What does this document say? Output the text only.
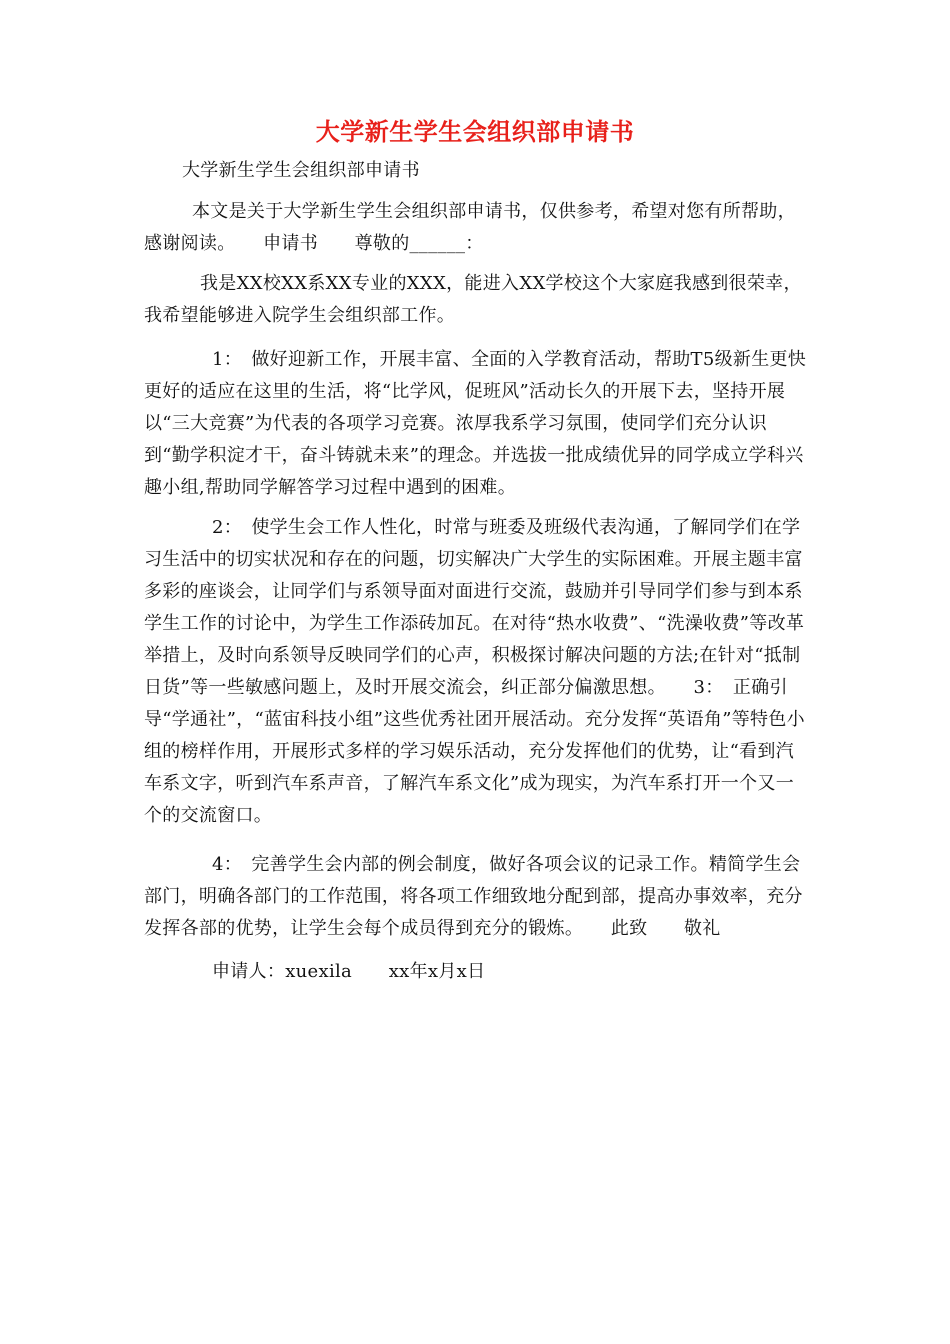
大学新生学生会组织部申请书

大学新生学生会组织部申请书

本文是关于大学新生学生会组织部申请书，仅供参考，希望对您有所帮助，感谢阅读。　　申请书　　尊敬的______：

我是XX校XX系XX专业的XXX，能进入XX学校这个大家庭我感到很荣幸，我希望能够进入院学生会组织部工作。

1：　做好迎新工作，开展丰富、全面的入学教育活动，帮助T5级新生更快更好的适应在这里的生活，将“比学风，促班风”活动长久的开展下去，坚持开展以“三大竞赛”为代表的各项学习竞赛。浓厚我系学习氛围，使同学们充分认识到“勤学积淀才干，奋斗铸就未来”的理念。并选拔一批成绩优异的同学成立学科兴趣小组,帮助同学解答学习过程中遇到的困难。

2：　使学生会工作人性化，时常与班委及班级代表沟通，了解同学们在学习生活中的切实状况和存在的问题，切实解决广大学生的实际困难。开展主题丰富多彩的座谈会，让同学们与系领导面对面进行交流，鼓励并引导同学们参与到本系学生工作的讨论中，为学生工作添砖加瓦。在对待“热水收费”、“洗澡收费”等改革举措上，及时向系领导反映同学们的心声，积极探讨解决问题的方法;在针对“抵制日货”等一些敏感问题上，及时开展交流会，纠正部分偏激思想。　　3：　正确引导“学通社”，“蓝宙科技小组”这些优秀社团开展活动。充分发挥“英语角”等特色小组的榜样作用，开展形式多样的学习娱乐活动，充分发挥他们的优势，让“看到汽车系文字，听到汽车系声音，了解汽车系文化”成为现实，为汽车系打开一个又一个的交流窗口。

4：　完善学生会内部的例会制度，做好各项会议的记录工作。精简学生会部门，明确各部门的工作范围，将各项工作细致地分配到部，提高办事效率，充分发挥各部的优势，让学生会每个成员得到充分的锻炼。　　此致　　敬礼

申请人：xuexila　　xx年x月x日
